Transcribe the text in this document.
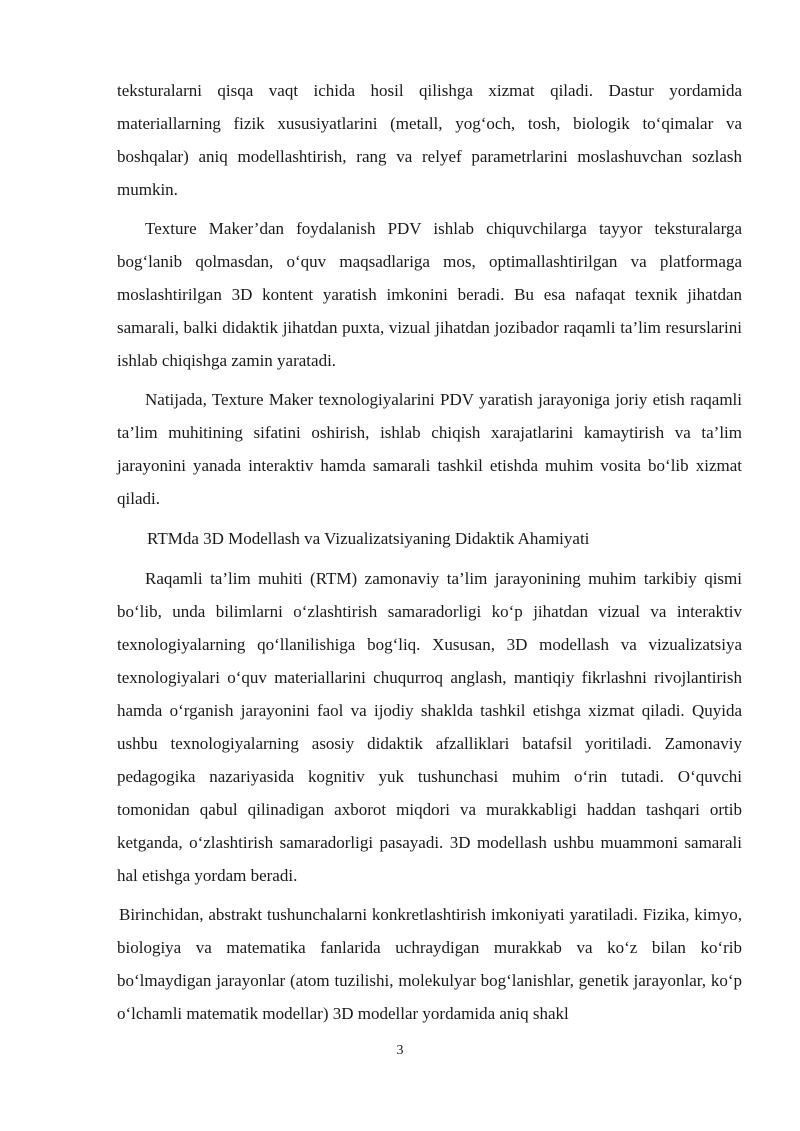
teksturalarni qisqa vaqt ichida hosil qilishga xizmat qiladi. Dastur yordamida materiallarning fizik xususiyatlarini (metall, yog‘och, tosh, biologik to‘qimalar va boshqalar) aniq modellashtirish, rang va relyef parametrlarini moslashuvchan sozlash mumkin.

Texture Maker’dan foydalanish PDV ishlab chiquvchilarga tayyor teksturalarga bog‘lanib qolmasdan, o‘quv maqsadlariga mos, optimallashtirilgan va platformaga moslashtirilgan 3D kontent yaratish imkonini beradi. Bu esa nafaqat texnik jihatdan samarali, balki didaktik jihatdan puxta, vizual jihatdan jozibador raqamli ta’lim resurslarini ishlab chiqishga zamin yaratadi.

Natijada, Texture Maker texnologiyalarini PDV yaratish jarayoniga joriy etish raqamli ta’lim muhitining sifatini oshirish, ishlab chiqish xarajatlarini kamaytirish va ta’lim jarayonini yanada interaktiv hamda samarali tashkil etishda muhim vosita bo‘lib xizmat qiladi.

RTMda 3D Modellash va Vizualizatsiyaning Didaktik Ahamiyati

Raqamli ta’lim muhiti (RTM) zamonaviy ta’lim jarayonining muhim tarkibiy qismi bo‘lib, unda bilimlarni o‘zlashtirish samaradorligi ko‘p jihatdan vizual va interaktiv texnologiyalarning qo‘llanilishiga bog‘liq. Xususan, 3D modellash va vizualizatsiya texnologiyalari o‘quv materiallarini chuqurroq anglash, mantiqiy fikrlashni rivojlantirish hamda o‘rganish jarayonini faol va ijodiy shaklda tashkil etishga xizmat qiladi. Quyida ushbu texnologiyalarning asosiy didaktik afzalliklari batafsil yoritiladi. Zamonaviy pedagogika nazariyasida kognitiv yuk tushunchasi muhim o‘rin tutadi. O‘quvchi tomonidan qabul qilinadigan axborot miqdori va murakkabligi haddan tashqari ortib ketganda, o‘zlashtirish samaradorligi pasayadi. 3D modellash ushbu muammoni samarali hal etishga yordam beradi.

Birinchidan, abstrakt tushunchalarni konkretlashtirish imkoniyati yaratiladi. Fizika, kimyo, biologiya va matematika fanlarida uchraydigan murakkab va ko‘z bilan ko‘rib bo‘lmaydigan jarayonlar (atom tuzilishi, molekulyar bog‘lanishlar, genetik jarayonlar, ko‘p o‘lchamli matematik modellar) 3D modellar yordamida aniq shakl

3
